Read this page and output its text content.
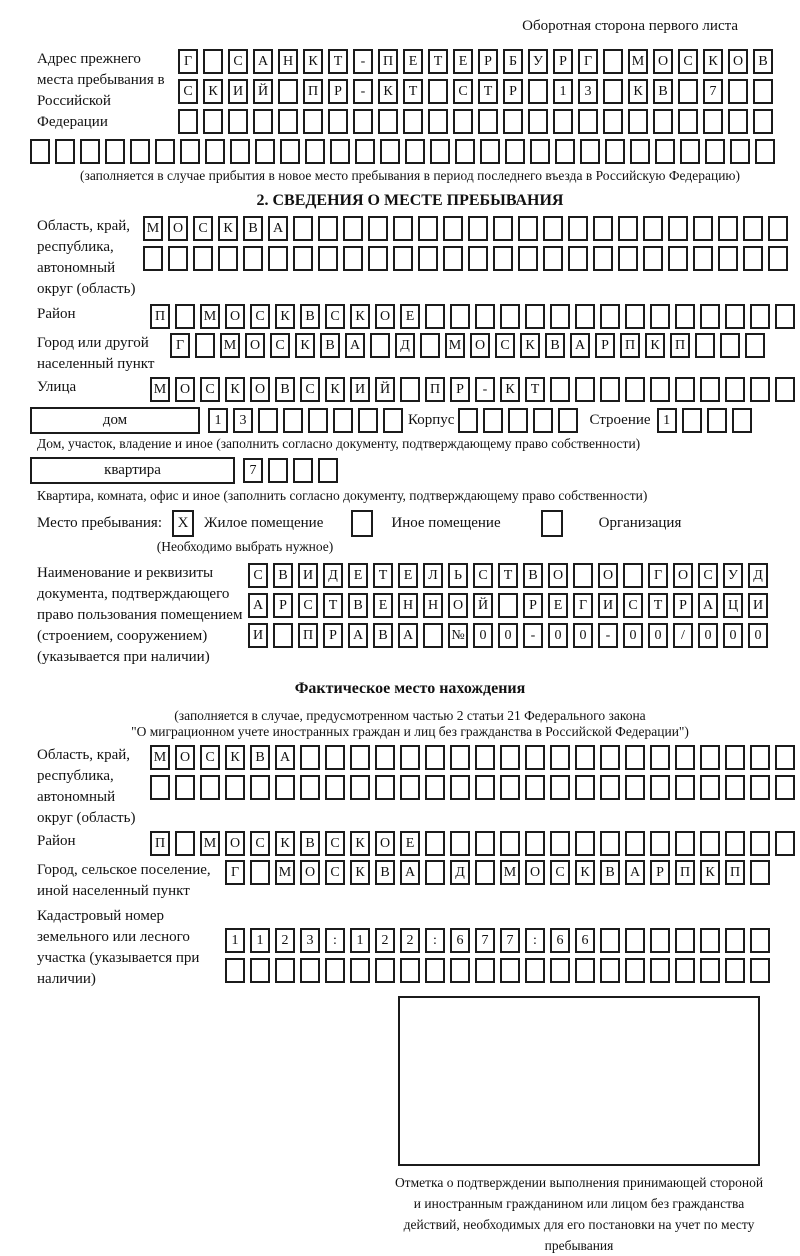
Оборотная сторона первого листа
Адрес прежнего места пребывания в Российской Федерации
Г	С	А	Н	К	Т	-	П	Е	Т	Е	Р	Б	У	Р	Г	М О	С	К	О	В
С	К	И	Й	П	Р	-	К	Т	С	Т	Р	1	3	К	В	7
(заполняется в случае прибытия в новое место пребывания в период последнего въезда в Российскую Федерацию)
2. СВЕДЕНИЯ О МЕСТЕ ПРЕБЫВАНИЯ
Область, край, республика, автономный округ (область)
М О	С	К	В	А
Район	П	М О	С	К	В	С	К	О	Е
Город или другой населенный пункт
Г	М О	С	К	В	А	Д	М О	С	К	В	А	Р	П	К	П
Улица	М О	С	К	О	В	С	К	И	Й	П	Р	-	К	Т
дом	1	3	Корпус	Строение 1
Дом, участок, владение и иное (заполнить согласно документу, подтверждающему право собственности)
квартира	7
Квартира, комната, офис и иное (заполнить согласно документу, подтверждающему право собственности)
Место пребывания:	X	Жилое помещение	Иное помещение	Организация
(Необходимо выбрать нужное)
Наименование и реквизиты документа, подтверждающего право пользования помещением (строением, сооружением) (указывается при наличии)
С	В	И	Д	Е	Т	Е	Л	Ь	С	Т	В	О	О	Г	О	С	У	Д
А	Р	С	Т	В	Е	Н	Н	О	Й	Р	Е	Г	И	С	Т	Р	А	Ц	И
И	П	Р	А	В	А	№	0	0	-	0	0	-	0	0	/	0	0	0
Фактическое место нахождения
(заполняется в случае, предусмотренном частью 2 статьи 21 Федерального закона
"О миграционном учете иностранных граждан и лиц без гражданства в Российской Федерации")
Область, край, республика, автономный округ (область)
М О	С	К	В	А
Район	П	М О	С	К	В	С	К	О	Е
Город, сельское поселение, иной населенный пункт
Г	М О	С	К	В	А	Д	М О	С	К	В	А	Р	П	К	П
Кадастровый номер земельного или лесного участка (указывается при наличии)
1	1	2	3	:	1	2	2	:	6	7	7	:	6	6
Отметка о подтверждении выполнения принимающей стороной и иностранным гражданином или лицом без гражданства действий, необходимых для его постановки на учет по месту пребывания
